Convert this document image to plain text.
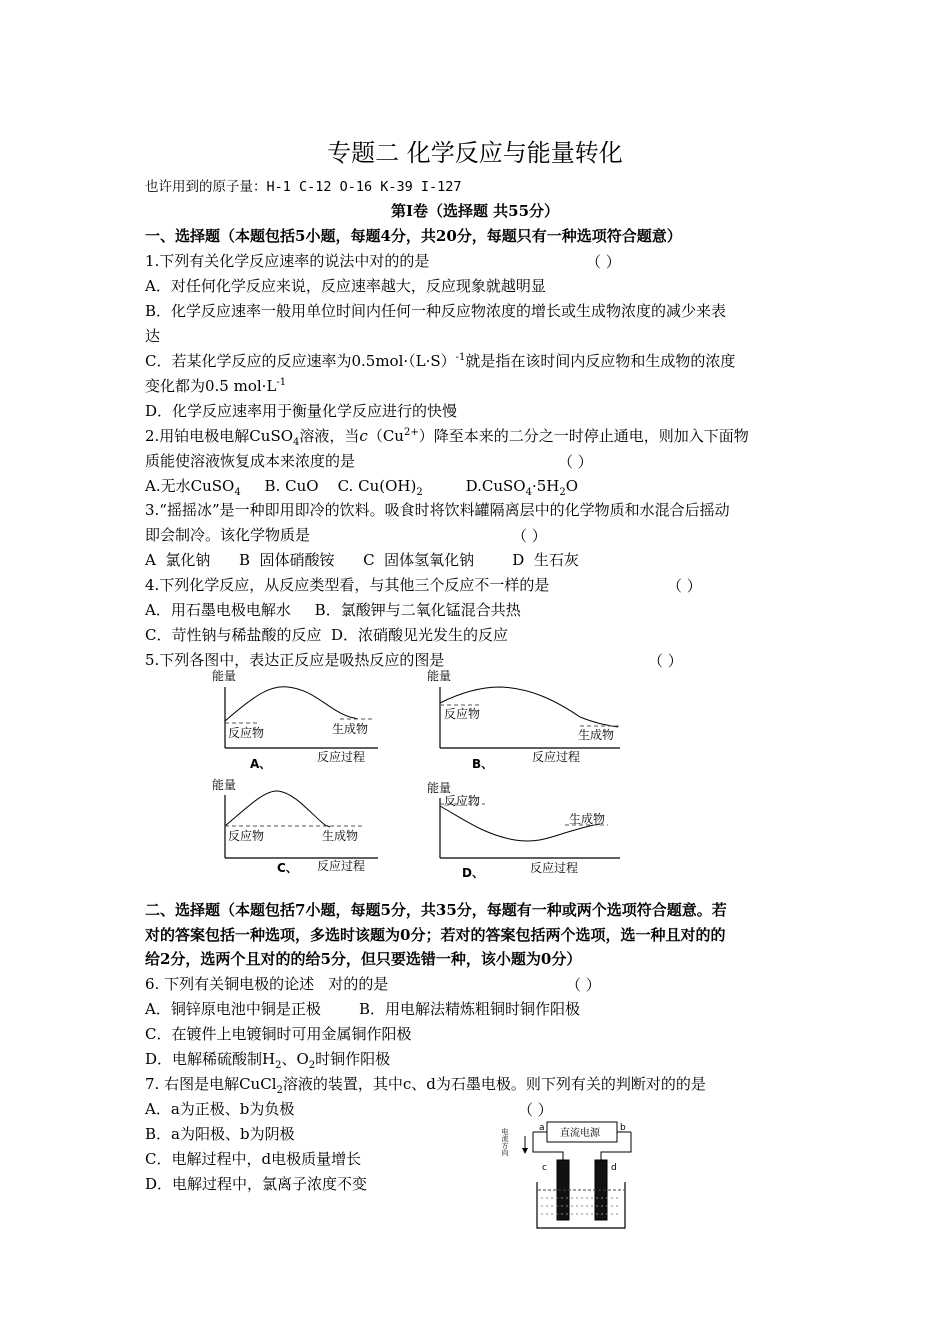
专题二 化学反应与能量转化
也许用到的原子量：H-1 C-12 O-16 K-39 I-127
第Ⅰ卷（选择题 共55分）
一、选择题（本题包括5小题，每题4分，共20分，每题只有一种选项符合题意）
1.下列有关化学反应速率的说法中对的的是	（ ）
A．对任何化学反应来说，反应速率越大，反应现象就越明显
B．化学反应速率一般用单位时间内任何一种反应物浓度的增长或生成物浓度的减少来表
达
C．若某化学反应的反应速率为$0.5mol\cdot(L\cdot S)^{-1}$就是指在该时间内反应物和生成物的浓度
变化都为0.5 $mol\cdot L^{-1}$
D．化学反应速率用于衡量化学反应进行的快慢
2.用铂电极电解CuSO$_4$溶液，当$c(Cu^{2+})$降至本来的二分之一时停止通电，则加入下面物
质能使溶液恢复成本来浓度的是	（ ）
A.无水CuSO$_4$ B. CuO C. $Cu(OH)_2$	$D.CuSO_4\cdot 5H_2O$
3.“摇摇冰”是一种即用即冷的饮料。吸食时将饮料罐隔离层中的化学物质和水混合后摇动
即会制冷。该化学物质是	（ ）
A  氯化钠      B  固体硝酸铵      C  固体氢氧化钠        D  生石灰
4.下列化学反应，从反应类型看，与其他三个反应不一样的是	（ ）
A．用石墨电极电解水     B．氯酸钾与二氧化锰混合共热
C．苛性钠与稀盐酸的反应  D．浓硝酸见光发生的反应
5.下列各图中，表达正反应是吸热反应的图是	（ ）
能量
反应物	生成物
A、	反应过程
能量
反应物
生成物
B、	反应过程
能量
反应物	生成物
C、 反应过程
能量
反应物
生成物
D、	反应过程
二、选择题（本题包括7小题，每题5分，共35分，每题有一种或两个选项符合题意。若
对的答案包括一种选项，多选时该题为0分；若对的答案包括两个选项，选一种且对的的
给2分，选两个且对的的给5分，但只要选错一种，该小题为0分）
6. 下列有关铜电极的论述   对的的是	（ ）
A．铜锌原电池中铜是正极        B．用电解法精炼粗铜时铜作阳极
C．在镀件上电镀铜时可用金属铜作阳极
D．电解稀硫酸制$H_2$、$O_2$时铜作阳极
7. 右图是电解CuCl$_2$溶液的装置，其中c、d为石墨电极。则下列有关的判断对的的是
A．a为正极、b为负极	（ ）
B．a为阳极、b为阴极
C．电解过程中，d电极质量增长
D．电解过程中，氯离子浓度不变
直流电源
a	b
c	d
电流方向
